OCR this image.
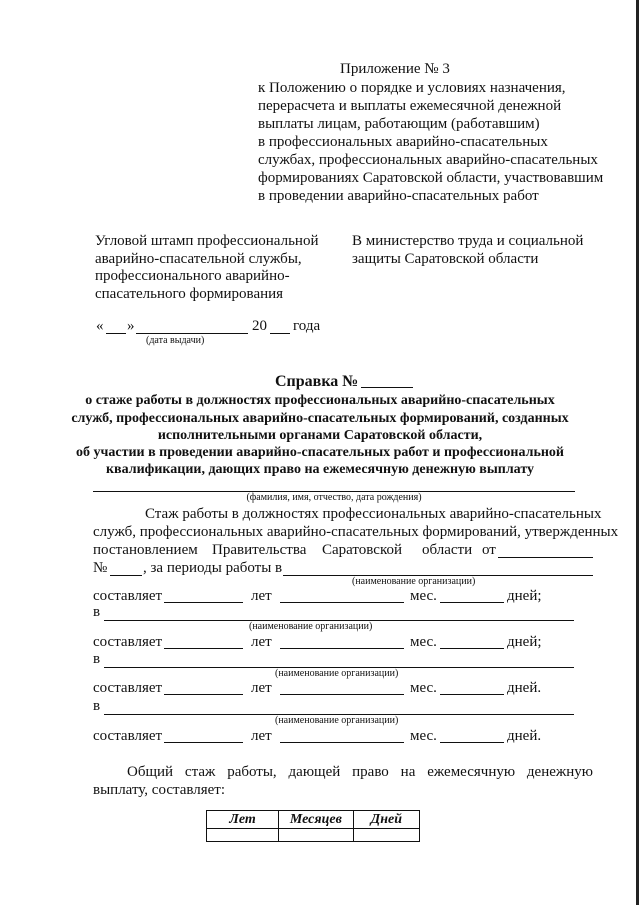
Приложение № 3
к Положению о порядке и условиях назначения,
перерасчета и выплаты ежемесячной денежной
выплаты лицам, работающим (работавшим)
в профессиональных аварийно-спасательных
службах, профессиональных аварийно-спасательных
формированиях Саратовской области, участвовавшим
в проведении аварийно-спасательных работ
Угловой штамп профессиональной
аварийно-спасательной службы,
профессионального аварийно-
спасательного формирования
В министерство труда и социальной
защиты Саратовской области
« »	20 года
(дата выдачи)
Справка №
о стаже работы в должностях профессиональных аварийно-спасательных
служб, профессиональных аварийно-спасательных формирований, созданных
исполнительными органами Саратовской области,
об участии в проведении аварийно-спасательных работ и профессиональной
квалификации, дающих право на ежемесячную денежную выплату
(фамилия, имя, отчество, дата рождения)
Стаж работы в должностях профессиональных аварийно-спасательных
служб, профессиональных аварийно-спасательных формирований, утвержденных
постановлением Правительства Саратовской области от
№ , за периоды работы в
(наименование организации)
составляет	лет	мес.	дней;
в
(наименование организации)
составляет	лет	мес.	дней;
в
(наименование организации)
составляет	лет	мес.	дней.
в
(наименование организации)
составляет	лет	мес.	дней.
Общий стаж работы, дающей право на ежемесячную денежную
выплату, составляет:
Лет	Месяцев	Дней
